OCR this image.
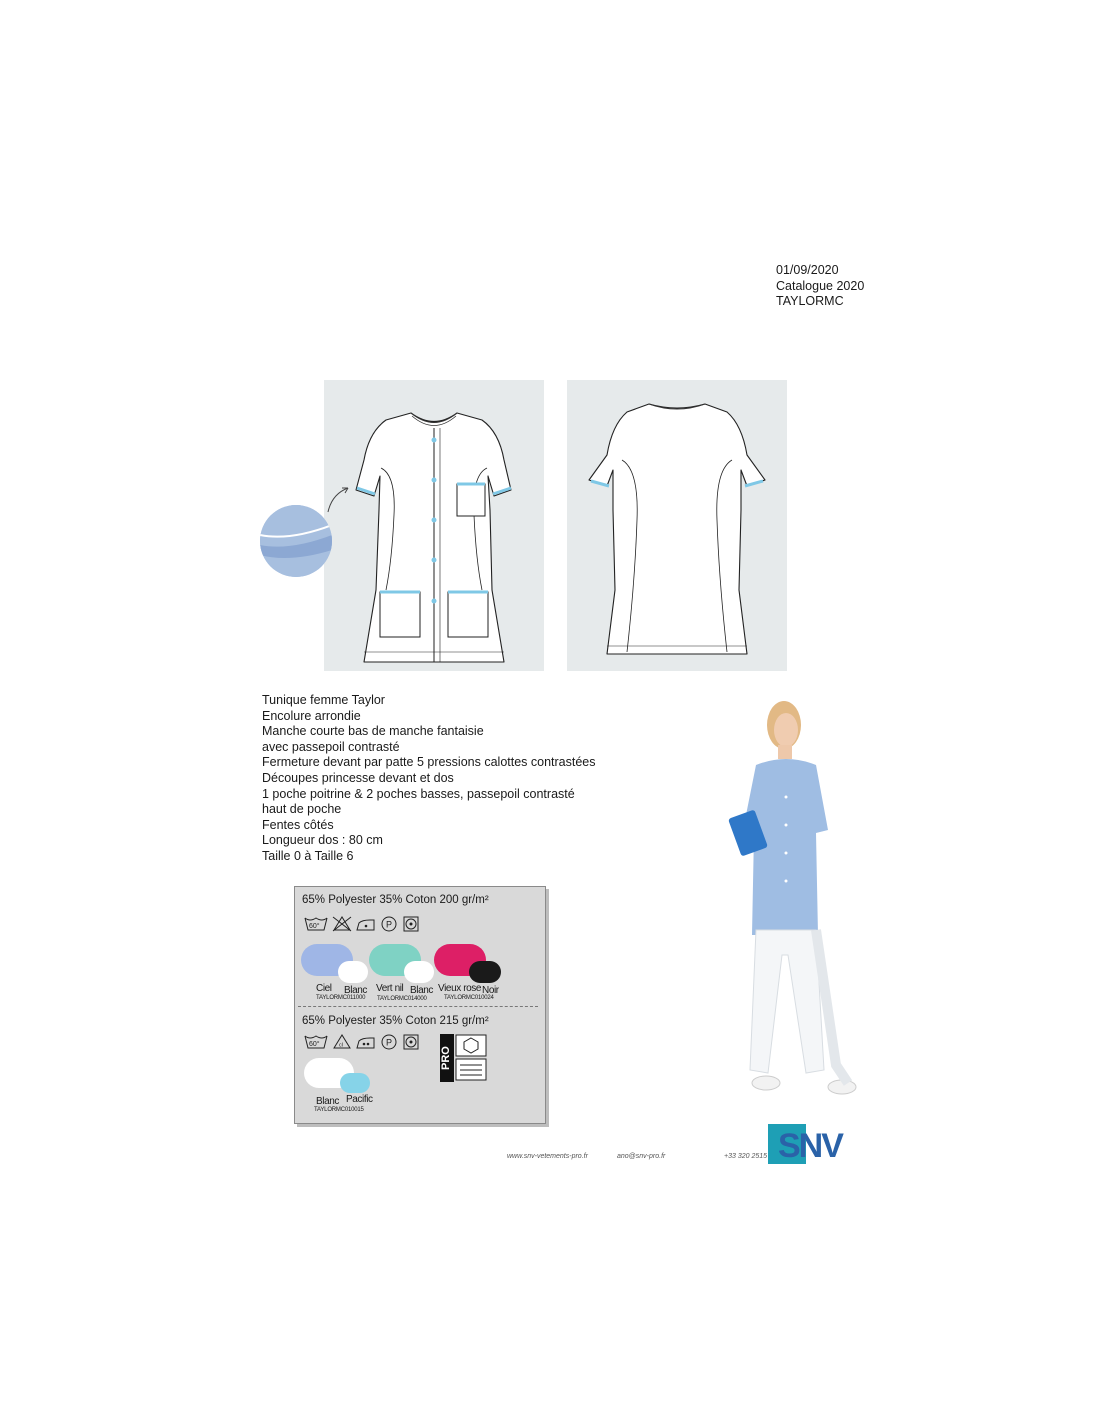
01/09/2020
Catalogue 2020
TAYLORMC
Tunique femme Taylor
Encolure arrondie
Manche courte bas de manche fantaisie
avec passepoil contrasté
Fermeture devant par patte 5 pressions calottes contrastées
Découpes princesse devant et dos
1 poche poitrine & 2 poches basses, passepoil contrasté
haut de poche
Fentes côtés
Longueur dos : 80 cm
Taille 0 à Taille 6
65% Polyester 35% Coton 200 gr/m²
60°	P
Ciel Blanc
TAYLORMC011000
Vert nil Blanc
TAYLORMC014000
Vieux rose Noir
TAYLORMC010024
65% Polyester 35% Coton 215 gr/m²
60°	cl	P
PRO
Blanc Pacific
TAYLORMC010015
www.snv-vetements-pro.fr	ano@snv-pro.fr	+33 320 2515 SNV
